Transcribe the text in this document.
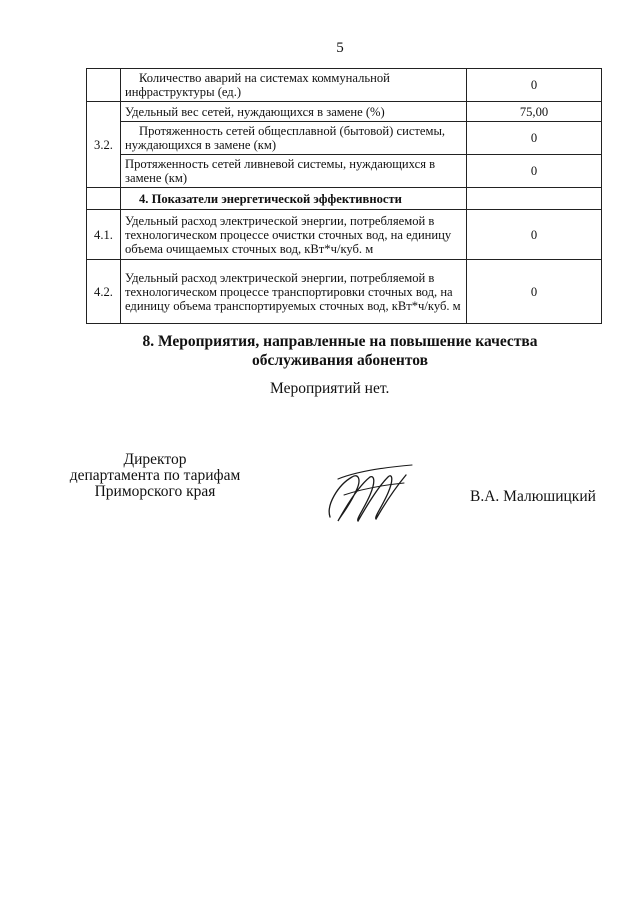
5
	Количество аварий на системах коммунальной инфраструктуры (ед.)	0
3.2.	Удельный вес сетей, нуждающихся в замене (%)	75,00
	Протяженность сетей общесплавной (бытовой) системы, нуждающихся в замене (км)	0
	Протяженность сетей ливневой системы, нуждающихся в замене (км)	0
	4. Показатели энергетической эффективности	
4.1.	Удельный расход электрической энергии, потребляемой в технологическом процессе очистки сточных вод, на единицу объема очищаемых сточных вод, кВт*ч/куб. м	0
4.2.	Удельный расход электрической энергии, потребляемой в технологическом процессе транспортировки сточных вод, на единицу объема транспортируемых сточных вод, кВт*ч/куб. м	0
8. Мероприятия, направленные на повышение качества
обслуживания абонентов
Мероприятий нет.
Директор
департамента по тарифам
Приморского края	В.А. Малюшицкий
